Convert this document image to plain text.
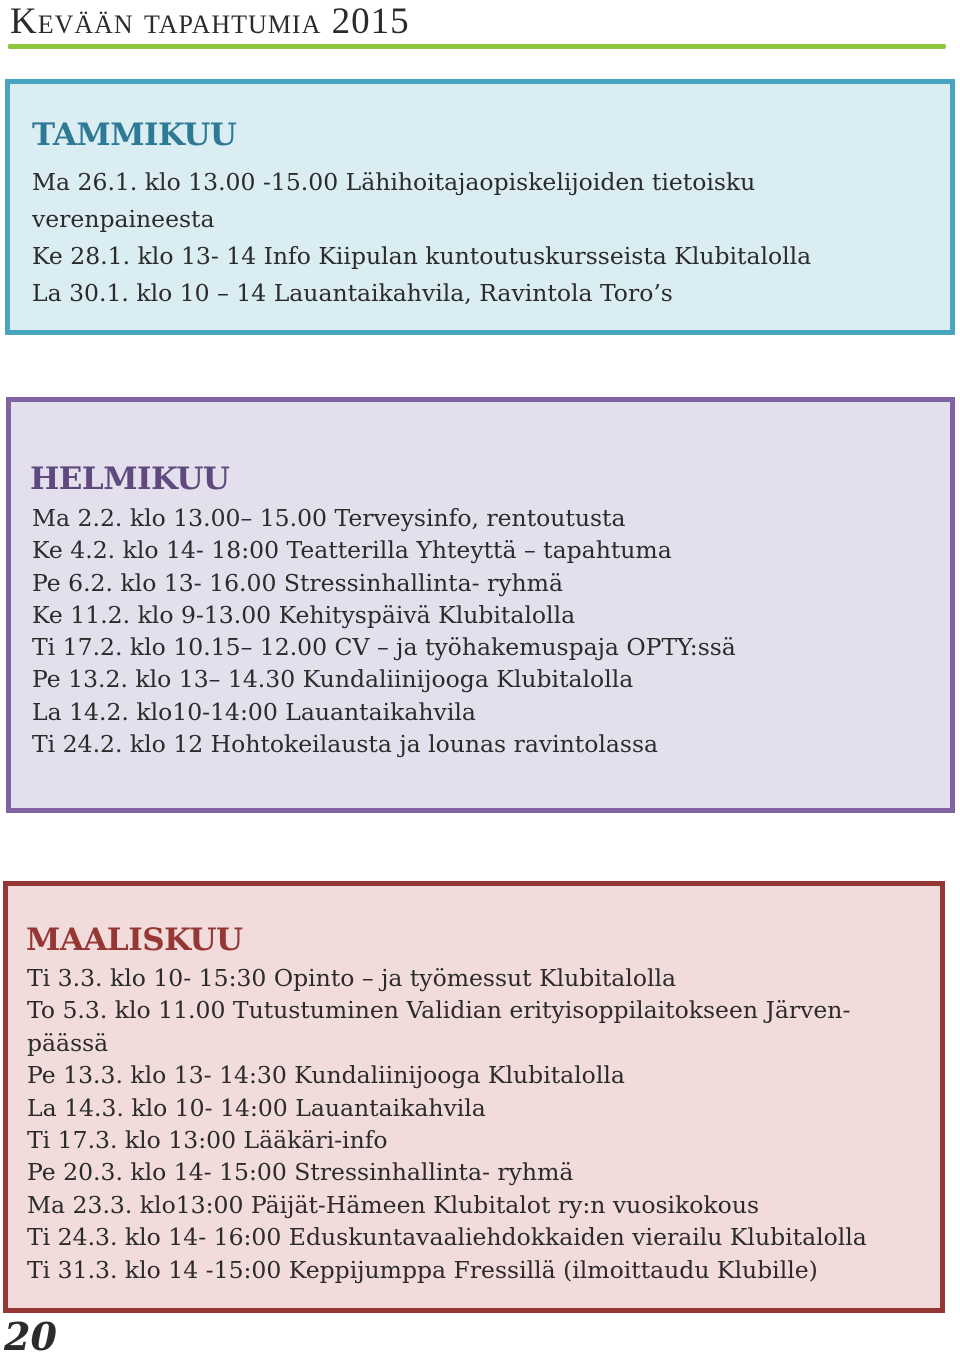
Kevään tapahtumia 2015
TAMMIKUU
Ma 26.1. klo 13.00 -15.00 Lähihoitajaopiskelijoiden tietoisku verenpaineesta
Ke 28.1. klo 13- 14 Info Kiipulan kuntoutuskursseista Klubitalolla
La 30.1. klo 10 – 14 Lauantaikahvila, Ravintola Toro’s
HELMIKUU
Ma 2.2. klo 13.00– 15.00 Terveysinfo, rentoutusta
Ke 4.2. klo 14- 18:00 Teatterilla Yhteyttä – tapahtuma
Pe 6.2. klo 13- 16.00 Stressinhallinta- ryhmä
Ke 11.2. klo 9-13.00 Kehityspäivä Klubitalolla
Ti 17.2. klo 10.15– 12.00 CV – ja työhakemuspaja OPTY:ssä
Pe 13.2. klo 13– 14.30 Kundaliinijooga Klubitalolla
La 14.2. klo10-14:00 Lauantaikahvila
Ti 24.2. klo 12 Hohtokeilausta ja lounas ravintolassa
MAALISKUU
Ti 3.3. klo 10- 15:30 Opinto – ja työmessut Klubitalolla
To 5.3. klo 11.00 Tutustuminen Validian erityisoppilaitokseen Järven-päässä
Pe 13.3. klo 13- 14:30 Kundaliinijooga Klubitalolla
La 14.3. klo 10- 14:00 Lauantaikahvila
Ti 17.3. klo 13:00 Lääkäri-info
Pe 20.3. klo 14- 15:00 Stressinhallinta- ryhmä
Ma 23.3. klo13:00 Päijät-Hämeen Klubitalot ry:n vuosikokous
Ti 24.3. klo 14- 16:00 Eduskuntavaaliehdokkaiden vierailu Klubitalolla
Ti 31.3. klo 14 -15:00 Keppijumppa Fressillä (ilmoittaudu Klubille)

20
